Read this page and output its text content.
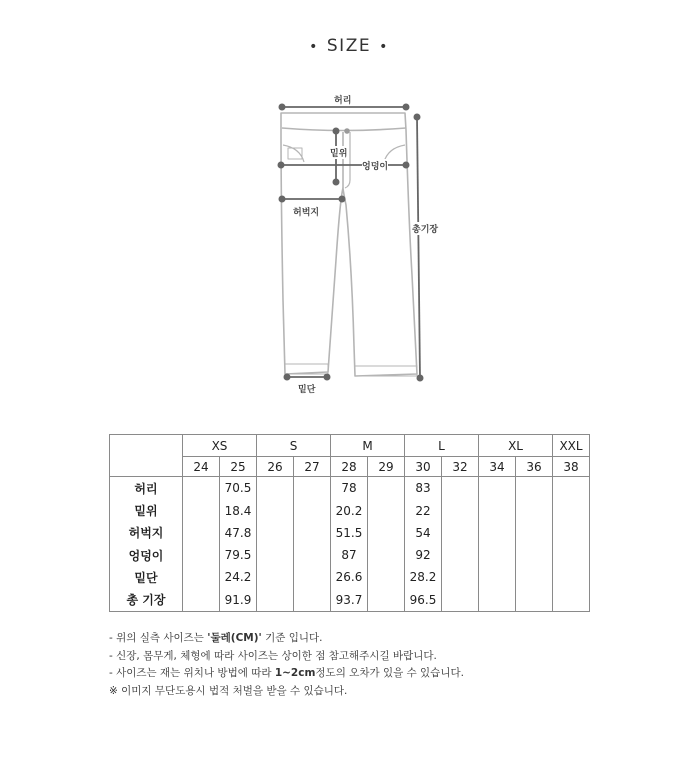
• SIZE •
허리
밑위
엉덩이
허벅지
총기장
밑단
	XS		S		M		L		XL		XXL
	24	25	26	27	28	29	30	32	34	36	38
허리		70.5			78		83				
밑위		18.4			20.2		22				
허벅지		47.8			51.5		54				
엉덩이		79.5			87		92				
밑단		24.2			26.6		28.2				
총 기장		91.9			93.7		96.5				
- 위의 실측 사이즈는 '둘레(CM)' 기준 입니다.
- 신장, 몸무게, 체형에 따라 사이즈는 상이한 점 참고해주시길 바랍니다.
- 사이즈는 재는 위치나 방법에 따라 1~2cm정도의 오차가 있을 수 있습니다.
※ 이미지 무단도용시 법적 처벌을 받을 수 있습니다.
